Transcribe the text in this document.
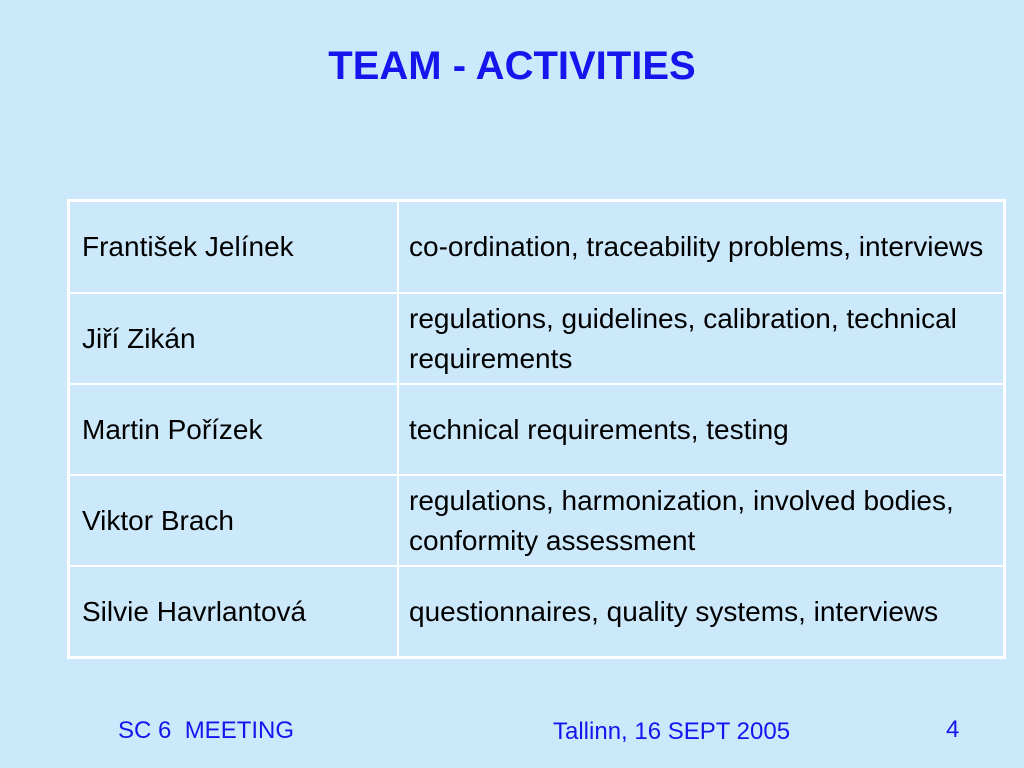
TEAM - ACTIVITIES
František Jelínek	co-ordination, traceability problems, interviews
Jiří Zikán	regulations, guidelines, calibration, technical requirements
Martin Pořízek	technical requirements, testing
Viktor Brach	regulations, harmonization, involved bodies, conformity assessment
Silvie Havrlantová	questionnaires, quality systems, interviews
SC 6  MEETING	Tallinn, 16 SEPT 2005	4
